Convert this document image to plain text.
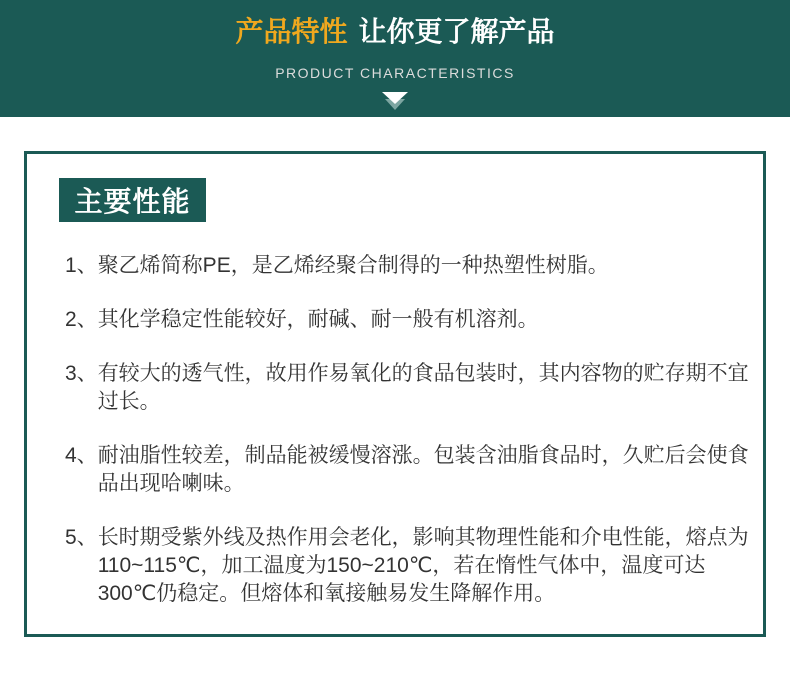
产品特性 让你更了解产品
PRODUCT CHARACTERISTICS
主要性能
1、 聚乙烯简称PE，是乙烯经聚合制得的一种热塑性树脂。
2、 其化学稳定性能较好，耐碱、耐一般有机溶剂。
3、 有较大的透气性，故用作易氧化的食品包装时，其内容物的贮存期不宜过长。
4、 耐油脂性较差，制品能被缓慢溶涨。包装含油脂食品时，久贮后会使食品出现哈喇味。
5、 长时期受紫外线及热作用会老化，影响其物理性能和介电性能，熔点为110~115℃，加工温度为150~210℃，若在惰性气体中，温度可达300℃仍稳定。但熔体和氧接触易发生降解作用。
